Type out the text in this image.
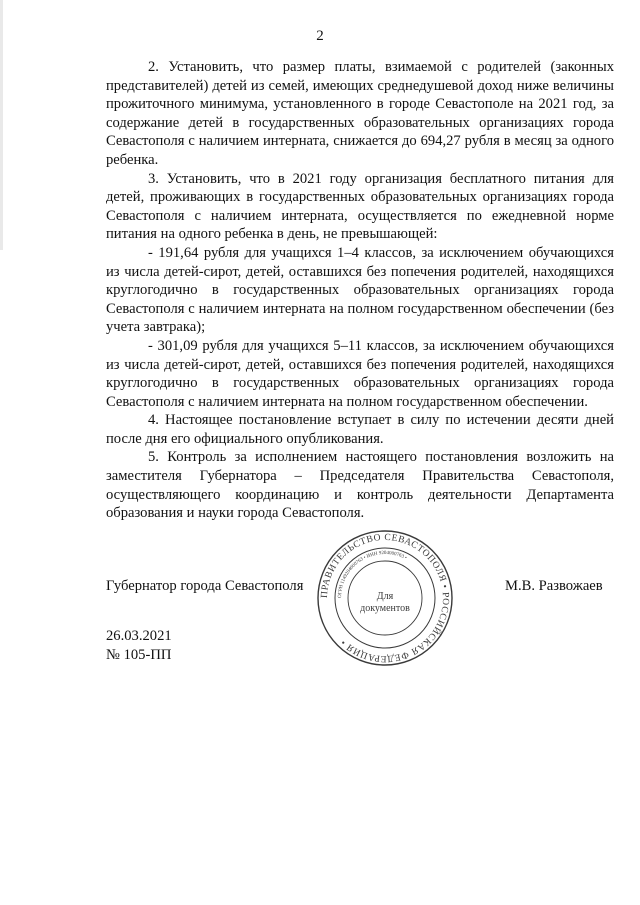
2

2. Установить, что размер платы, взимаемой с родителей (законных представителей) детей из семей, имеющих среднедушевой доход ниже величины прожиточного минимума, установленного в городе Севастополе на 2021 год, за содержание детей в государственных образовательных организациях города Севастополя с наличием интерната, снижается до 694,27 рубля в месяц за одного ребенка.

3. Установить, что в 2021 году организация бесплатного питания для детей, проживающих в государственных образовательных организациях города Севастополя с наличием интерната, осуществляется по ежедневной норме питания на одного ребенка в день, не превышающей:

- 191,64 рубля для учащихся 1–4 классов, за исключением обучающихся из числа детей-сирот, детей, оставшихся без попечения родителей, находящихся круглогодично в государственных образовательных организациях города Севастополя с наличием интерната на полном государственном обеспечении (без учета завтрака);

- 301,09 рубля для учащихся 5–11 классов, за исключением обучающихся из числа детей-сирот, детей, оставшихся без попечения родителей, находящихся круглогодично в государственных образовательных организациях города Севастополя с наличием интерната на полном государственном обеспечении.

4. Настоящее постановление вступает в силу по истечении десяти дней после дня его официального опубликования.

5. Контроль за исполнением настоящего постановления возложить на заместителя Губернатора – Председателя Правительства Севастополя, осуществляющего координацию и контроль деятельности Департамента образования и науки города Севастополя.

Губернатор города Севастополя	М.В. Развожаев
ПРАВИТЕЛЬСТВО СЕВАСТОПОЛЯ • РОССИЙСКАЯ ФЕДЕРАЦИЯ •
ОГРН 1149204000763 • ИНН 9204000763 •
Для
документов
26.03.2021
№ 105-ПП
